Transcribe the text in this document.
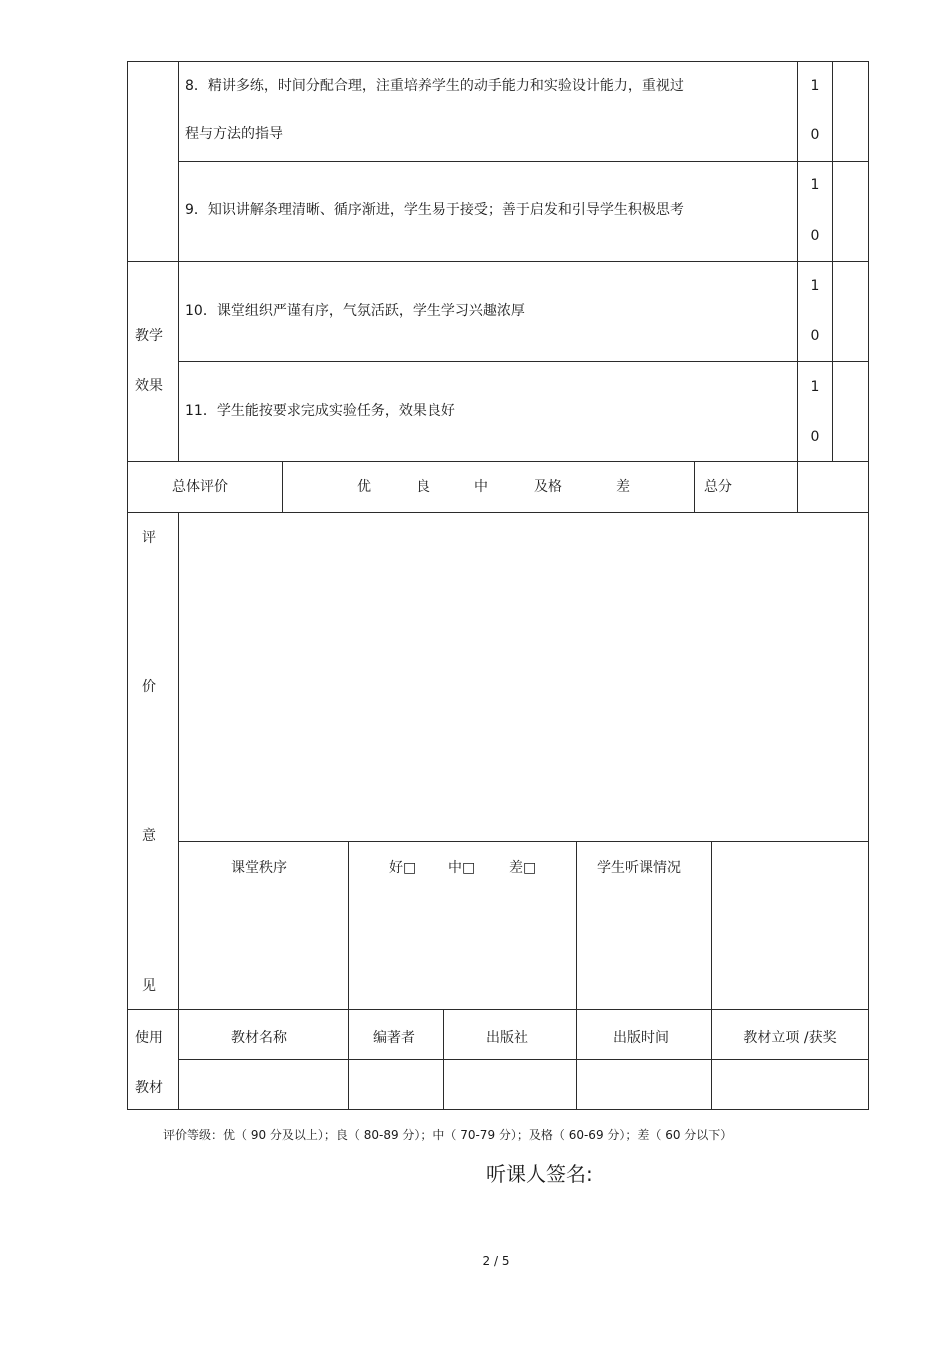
8．精讲多练，时间分配合理，注重培养学生的动手能力和实验设计能力，重视过
程与方法的指导
1
0
9．知识讲解条理清晰、循序渐进，学生易于接受；善于启发和引导学生积极思考
1
0
10．课堂组织严谨有序，气氛活跃，学生学习兴趣浓厚
1
0
11．学生能按要求完成实验任务，效果良好
1
0
教学
效果
总体评价	优	良	中	及格	差	总分
评
价
意
见
课堂秩序	好□ 中□ 差□	学生听课情况
使用
教材
教材名称	编著者	出版社	出版时间	教材立项 /获奖
评价等级：优（ 90 分及以上）；良（ 80-89 分）；中（ 70-79 分）；及格（ 60-69 分）；差（ 60 分以下）
听课人签名:
2 / 5
